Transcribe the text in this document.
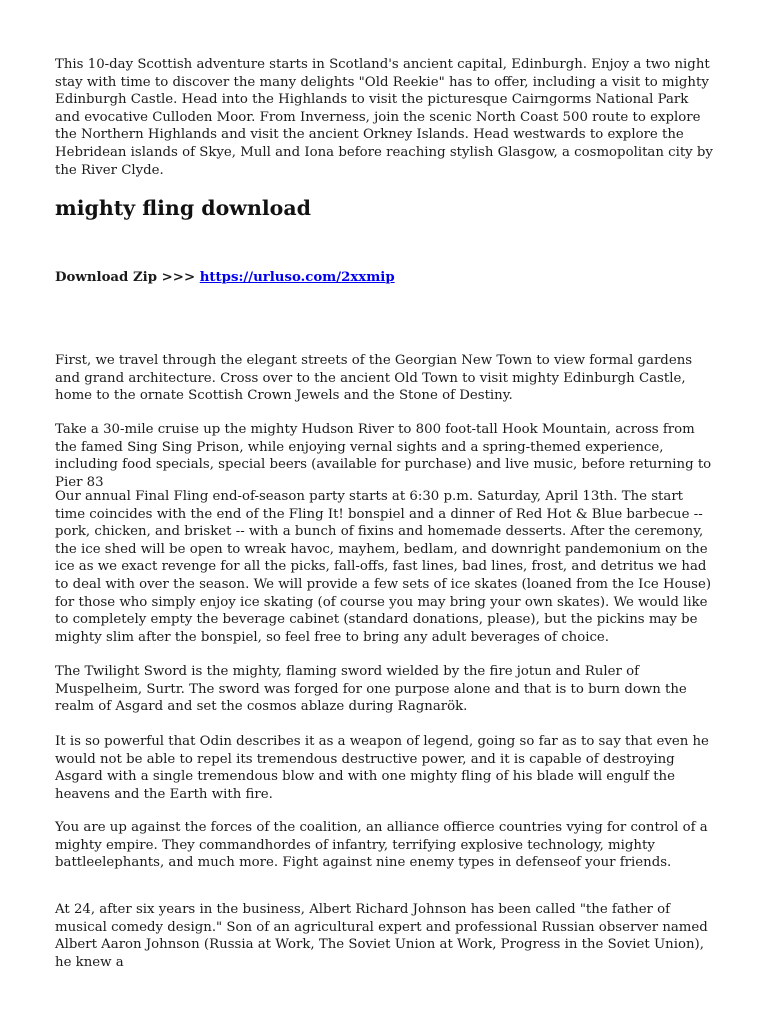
This 10-day Scottish adventure starts in Scotland's ancient capital, Edinburgh. Enjoy a two night stay with time to discover the many delights "Old Reekie" has to offer, including a visit to mighty Edinburgh Castle. Head into the Highlands to visit the picturesque Cairngorms National Park and evocative Culloden Moor. From Inverness, join the scenic North Coast 500 route to explore the Northern Highlands and visit the ancient Orkney Islands. Head westwards to explore the Hebridean islands of Skye, Mull and Iona before reaching stylish Glasgow, a cosmopolitan city by the River Clyde.

mighty fling download
Download Zip >>> https://urluso.com/2xxmip

First, we travel through the elegant streets of the Georgian New Town to view formal gardens and grand architecture. Cross over to the ancient Old Town to visit mighty Edinburgh Castle, home to the ornate Scottish Crown Jewels and the Stone of Destiny.

Take a 30-mile cruise up the mighty Hudson River to 800 foot-tall Hook Mountain, across from the famed Sing Sing Prison, while enjoying vernal sights and a spring-themed experience, including food specials, special beers (available for purchase) and live music, before returning to Pier 83

Our annual Final Fling end-of-season party starts at 6:30 p.m. Saturday, April 13th. The start time coincides with the end of the Fling It! bonspiel and a dinner of Red Hot & Blue barbecue -- pork, chicken, and brisket -- with a bunch of fixins and homemade desserts. After the ceremony, the ice shed will be open to wreak havoc, mayhem, bedlam, and downright pandemonium on the ice as we exact revenge for all the picks, fall-offs, fast lines, bad lines, frost, and detritus we had to deal with over the season. We will provide a few sets of ice skates (loaned from the Ice House) for those who simply enjoy ice skating (of course you may bring your own skates). We would like to completely empty the beverage cabinet (standard donations, please), but the pickins may be mighty slim after the bonspiel, so feel free to bring any adult beverages of choice.

The Twilight Sword is the mighty, flaming sword wielded by the fire jotun and Ruler of Muspelheim, Surtr. The sword was forged for one purpose alone and that is to burn down the realm of Asgard and set the cosmos ablaze during Ragnarök.

It is so powerful that Odin describes it as a weapon of legend, going so far as to say that even he would not be able to repel its tremendous destructive power, and it is capable of destroying Asgard with a single tremendous blow and with one mighty fling of his blade will engulf the heavens and the Earth with fire.

You are up against the forces of the coalition, an alliance offierce countries vying for control of a mighty empire. They commandhordes of infantry, terrifying explosive technology, mighty battleelephants, and much more. Fight against nine enemy types in defenseof your friends.

At 24, after six years in the business, Albert Richard Johnson has been called "the father of musical comedy design." Son of an agricultural expert and professional Russian observer named Albert Aaron Johnson (Russia at Work, The Soviet Union at Work, Progress in the Soviet Union), he knew a
